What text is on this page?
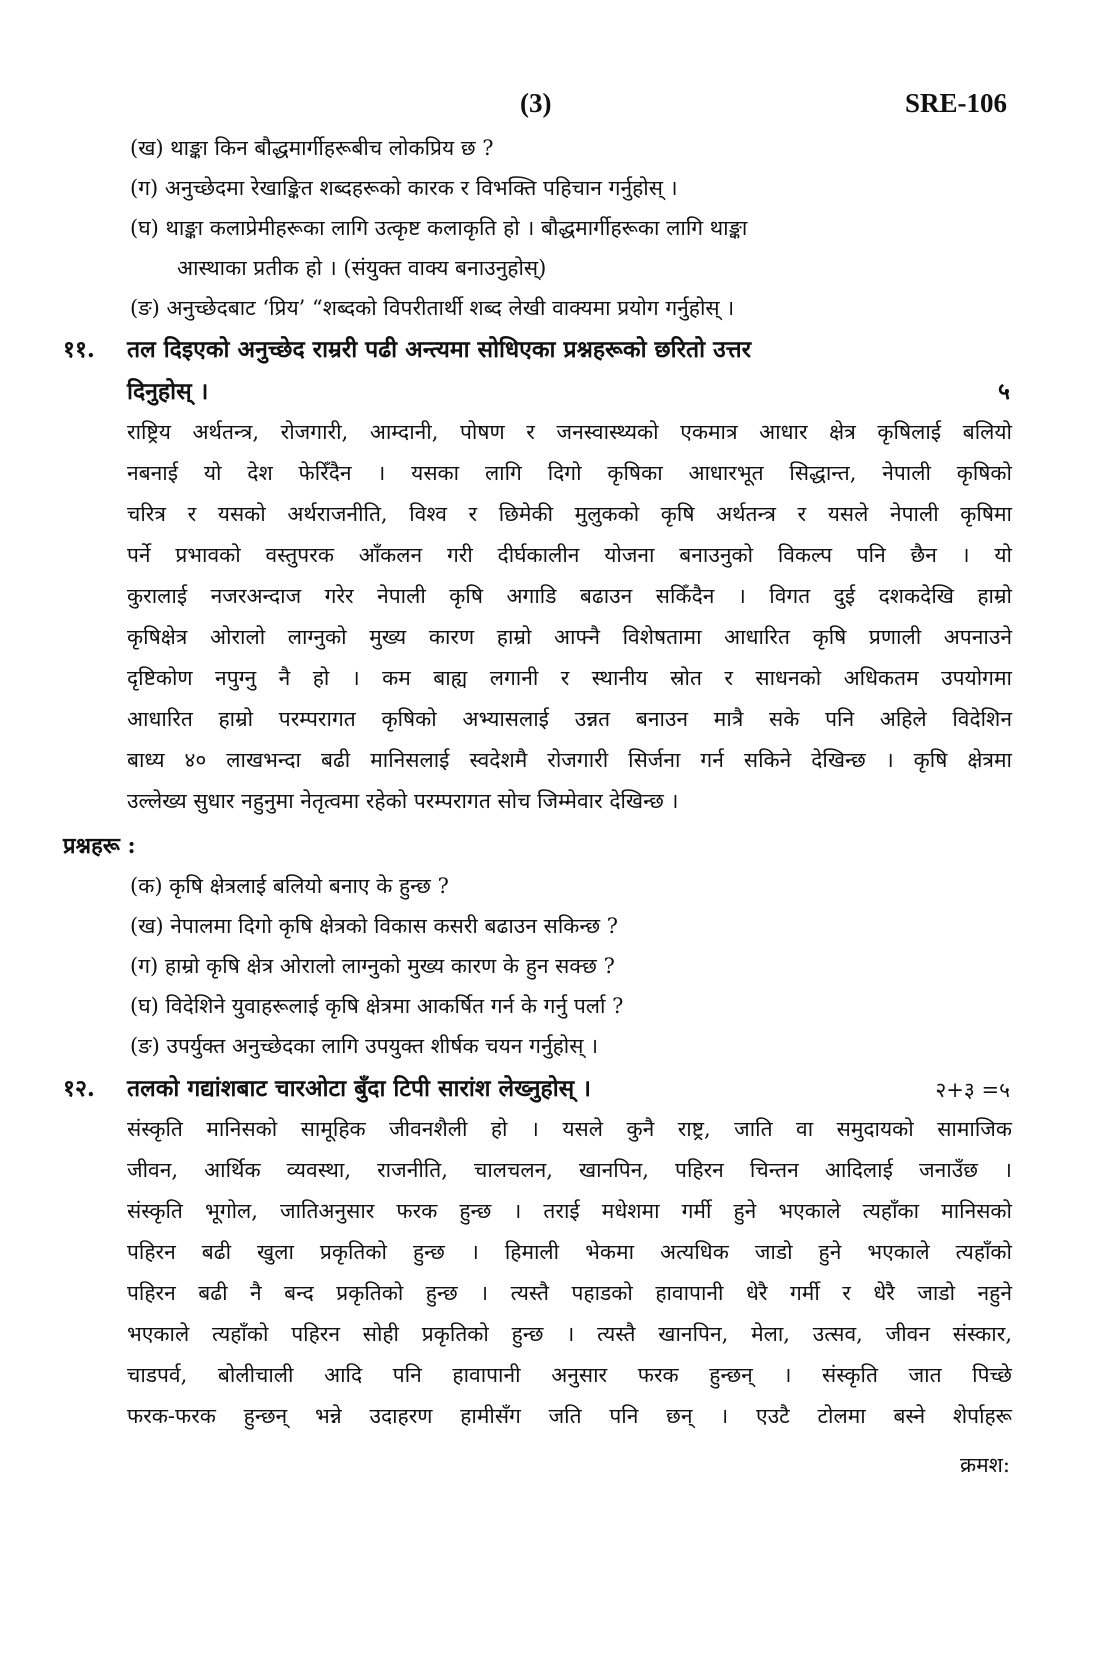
(3)	SRE-106
(ख) थाङ्का किन बौद्धमार्गीहरूबीच लोकप्रिय छ ?
(ग) अनुच्छेदमा रेखाङ्कित शब्दहरूको कारक र विभक्ति पहिचान गर्नुहोस् ।
(घ) थाङ्का कलाप्रेमीहरूका लागि उत्कृष्ट कलाकृति हो । बौद्धमार्गीहरूका लागि थाङ्का
आस्थाका प्रतीक हो । (संयुक्त वाक्य बनाउनुहोस्)
(ङ) अनुच्छेदबाट ‘प्रिय’ “शब्दको विपरीतार्थी शब्द लेखी वाक्यमा प्रयोग गर्नुहोस् ।
११. तल दिइएको अनुच्छेद राम्ररी पढी अन्त्यमा सोधिएका प्रश्नहरूको छरितो उत्तर
दिनुहोस् ।	५
राष्ट्रिय अर्थतन्त्र, रोजगारी, आम्दानी, पोषण र जनस्वास्थ्यको एकमात्र आधार क्षेत्र कृषिलाई बलियो
नबनाई यो देश फेरिँदैन । यसका लागि दिगो कृषिका आधारभूत सिद्धान्त, नेपाली कृषिको
चरित्र र यसको अर्थराजनीति, विश्व र छिमेकी मुलुकको कृषि अर्थतन्त्र र यसले नेपाली कृषिमा
पर्ने प्रभावको वस्तुपरक आँकलन गरी दीर्घकालीन योजना बनाउनुको विकल्प पनि छैन । यो
कुरालाई नजरअन्दाज गरेर नेपाली कृषि अगाडि बढाउन सकिँदैन । विगत दुई दशकदेखि हाम्रो
कृषिक्षेत्र ओरालो लाग्नुको मुख्य कारण हाम्रो आफ्नै विशेषतामा आधारित कृषि प्रणाली अपनाउने
दृष्टिकोण नपुग्नु नै हो । कम बाह्य लगानी र स्थानीय स्रोत र साधनको अधिकतम उपयोगमा
आधारित हाम्रो परम्परागत कृषिको अभ्यासलाई उन्नत बनाउन मात्रै सके पनि अहिले विदेशिन
बाध्य ४० लाखभन्दा बढी मानिसलाई स्वदेशमै रोजगारी सिर्जना गर्न सकिने देखिन्छ । कृषि क्षेत्रमा
उल्लेख्य सुधार नहुनुमा नेतृत्वमा रहेको परम्परागत सोच जिम्मेवार देखिन्छ ।
प्रश्नहरू :
(क) कृषि क्षेत्रलाई बलियो बनाए के हुन्छ ?
(ख) नेपालमा दिगो कृषि क्षेत्रको विकास कसरी बढाउन सकिन्छ ?
(ग) हाम्रो कृषि क्षेत्र ओरालो लाग्नुको मुख्य कारण के हुन सक्छ ?
(घ) विदेशिने युवाहरूलाई कृषि क्षेत्रमा आकर्षित गर्न के गर्नु पर्ला ?
(ङ) उपर्युक्त अनुच्छेदका लागि उपयुक्त शीर्षक चयन गर्नुहोस् ।
१२. तलको गद्यांशबाट चारओटा बुँदा टिपी सारांश लेख्नुहोस् ।	२+३ =५
संस्कृति मानिसको सामूहिक जीवनशैली हो । यसले कुनै राष्ट्र, जाति वा समुदायको सामाजिक
जीवन, आर्थिक व्यवस्था, राजनीति, चालचलन, खानपिन, पहिरन चिन्तन आदिलाई जनाउँछ ।
संस्कृति भूगोल, जातिअनुसार फरक हुन्छ । तराई मधेशमा गर्मी हुने भएकाले त्यहाँका मानिसको
पहिरन बढी खुला प्रकृतिको हुन्छ । हिमाली भेकमा अत्यधिक जाडो हुने भएकाले त्यहाँको
पहिरन बढी नै बन्द प्रकृतिको हुन्छ । त्यस्तै पहाडको हावापानी धेरै गर्मी र धेरै जाडो नहुने
भएकाले त्यहाँको पहिरन सोही प्रकृतिको हुन्छ । त्यस्तै खानपिन, मेला, उत्सव, जीवन संस्कार,
चाडपर्व, बोलीचाली आदि पनि हावापानी अनुसार फरक हुन्छन् । संस्कृति जात पिच्छे
फरक-फरक हुन्छन् भन्ने उदाहरण हामीसँग जति पनि छन् । एउटै टोलमा बस्ने शेर्पाहरू
क्रमश:
